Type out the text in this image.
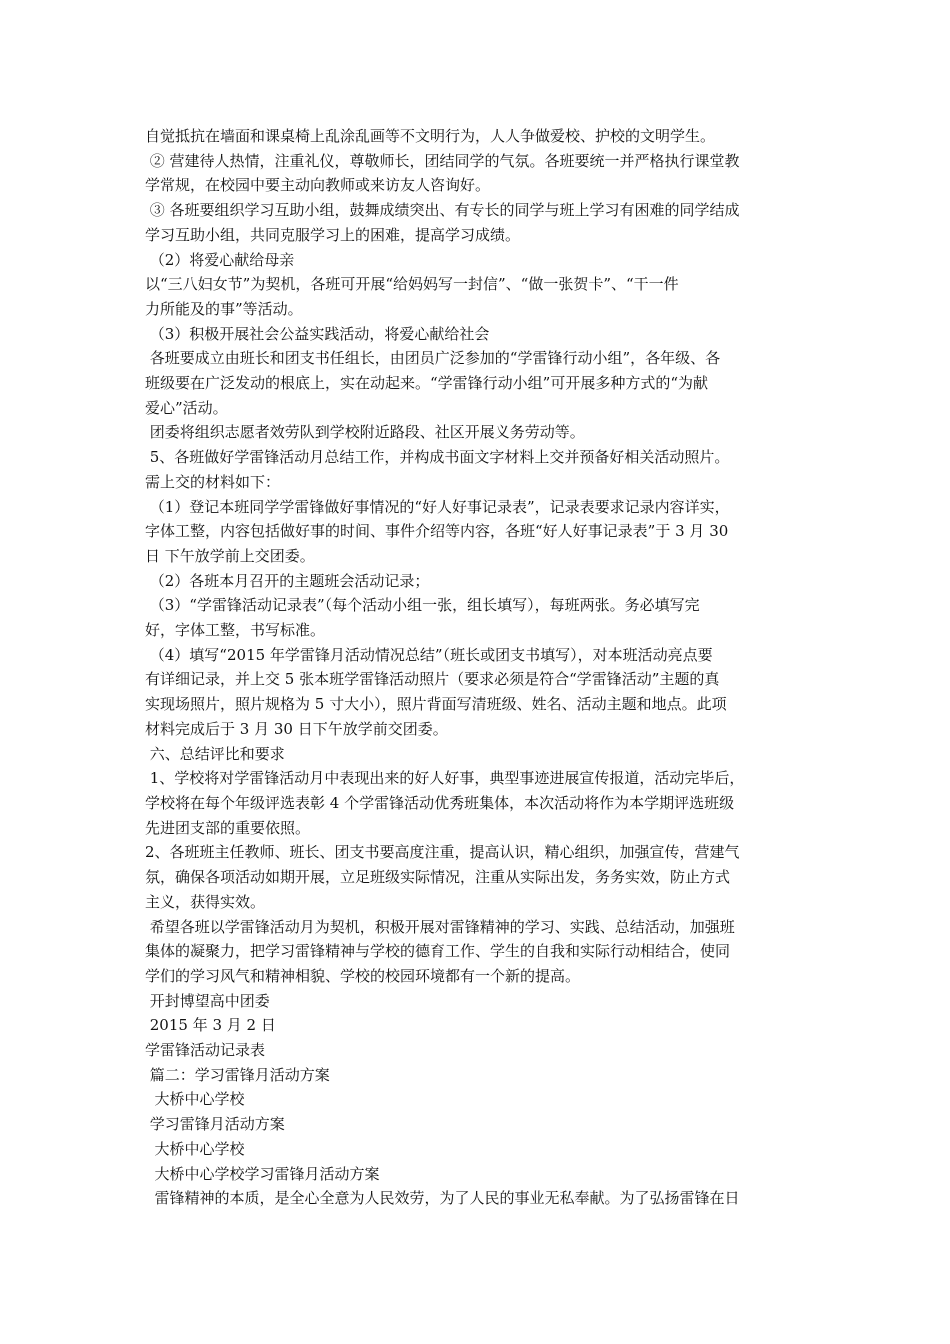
自觉抵抗在墙面和课桌椅上乱涂乱画等不文明行为，人人争做爱校、护校的文明学生。

② 营建待人热情，注重礼仪，尊敬师长，团结同学的气氛。各班要统一并严格执行课堂教

学常规，在校园中要主动向教师或来访友人咨询好。

③ 各班要组织学习互助小组，鼓舞成绩突出、有专长的同学与班上学习有困难的同学结成

学习互助小组，共同克服学习上的困难，提高学习成绩。

（2）将爱心献给母亲

以“三八妇女节”为契机，各班可开展“给妈妈写一封信”、“做一张贺卡”、“干一件

力所能及的事”等活动。

（3）积极开展社会公益实践活动，将爱心献给社会

各班要成立由班长和团支书任组长，由团员广泛参加的“学雷锋行动小组”，各年级、各

班级要在广泛发动的根底上，实在动起来。“学雷锋行动小组”可开展多种方式的“为献

爱心”活动。

团委将组织志愿者效劳队到学校附近路段、社区开展义务劳动等。

5、各班做好学雷锋活动月总结工作，并构成书面文字材料上交并预备好相关活动照片。

需上交的材料如下：

（1）登记本班同学学雷锋做好事情况的“好人好事记录表”，记录表要求记录内容详实，

字体工整，内容包括做好事的时间、事件介绍等内容，各班“好人好事记录表”于 3 月 30

日 下午放学前上交团委。

（2）各班本月召开的主题班会活动记录；

（3）“学雷锋活动记录表”（每个活动小组一张，组长填写），每班两张。务必填写完

好，字体工整，书写标准。

（4）填写“2015 年学雷锋月活动情况总结”（班长或团支书填写），对本班活动亮点要

有详细记录，并上交 5 张本班学雷锋活动照片（要求必须是符合“学雷锋活动”主题的真

实现场照片，照片规格为 5 寸大小），照片背面写清班级、姓名、活动主题和地点。此项

材料完成后于 3 月 30 日下午放学前交团委。

六、总结评比和要求

1、学校将对学雷锋活动月中表现出来的好人好事，典型事迹进展宣传报道，活动完毕后，

学校将在每个年级评选表彰 4 个学雷锋活动优秀班集体，本次活动将作为本学期评选班级

先进团支部的重要依照。

2、各班班主任教师、班长、团支书要高度注重，提高认识，精心组织，加强宣传，营建气

氛，确保各项活动如期开展，立足班级实际情况，注重从实际出发，务务实效，防止方式

主义，获得实效。

希望各班以学雷锋活动月为契机，积极开展对雷锋精神的学习、实践、总结活动，加强班

集体的凝聚力，把学习雷锋精神与学校的德育工作、学生的自我和实际行动相结合，使同

学们的学习风气和精神相貌、学校的校园环境都有一个新的提高。

开封博望高中团委

2015 年 3 月 2 日

学雷锋活动记录表

篇二：学习雷锋月活动方案

大桥中心学校

学习雷锋月活动方案

大桥中心学校

大桥中心学校学习雷锋月活动方案

雷锋精神的本质，是全心全意为人民效劳，为了人民的事业无私奉献。为了弘扬雷锋在日
